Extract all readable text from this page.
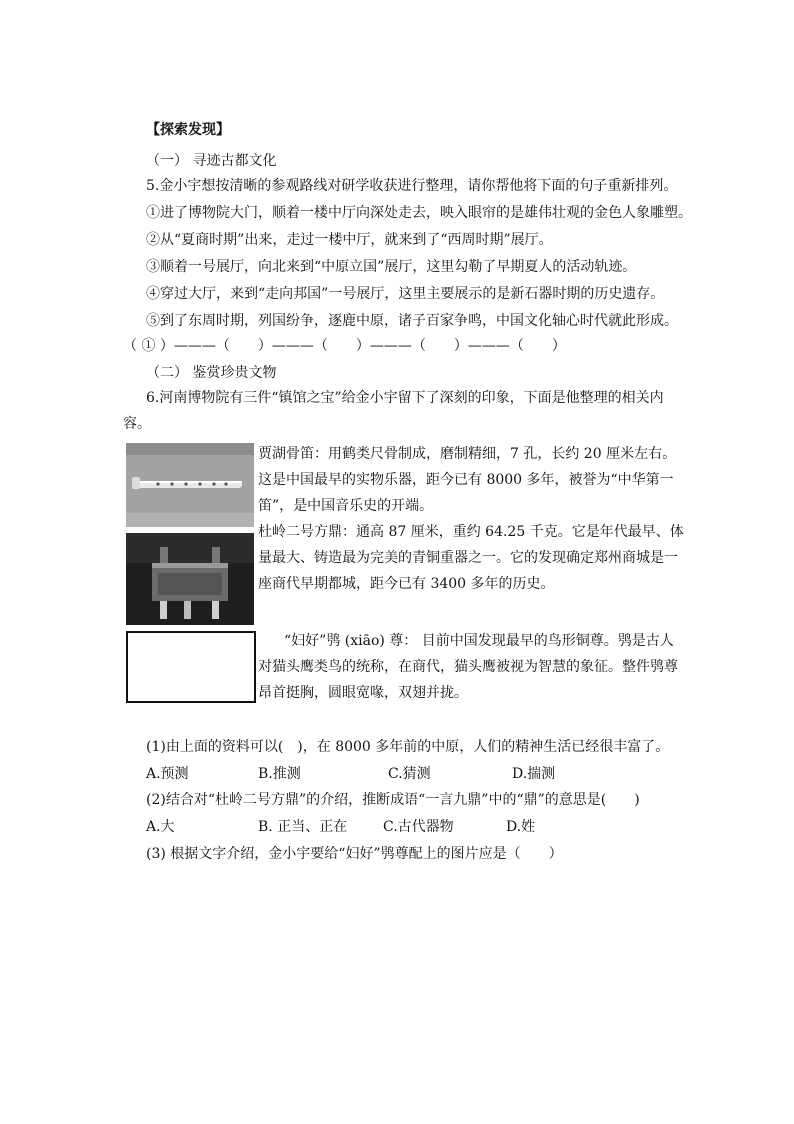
【探索发现】
（一） 寻迹古都文化
5.金小宇想按清晰的参观路线对研学收获进行整理，请你帮他将下面的句子重新排列。
①进了博物院大门，顺着一楼中厅向深处走去，映入眼帘的是雄伟壮观的金色人象雕塑。
②从“夏商时期”出来，走过一楼中厅，就来到了“西周时期”展厅。
③顺着一号展厅，向北来到“中原立国”展厅，这里勾勒了早期夏人的活动轨迹。
④穿过大厅，来到“走向邦国”一号展厅，这里主要展示的是新石器时期的历史遗存。
⑤到了东周时期，列国纷争，逐鹿中原，诸子百家争鸣，中国文化轴心时代就此形成。
（ ① ）———（　　）———（　　）———（　　）———（　　）
（二） 鉴赏珍贵文物
6.河南博物院有三件“镇馆之宝”给金小宇留下了深刻的印象，下面是他整理的相关内
容。
贾湖骨笛：用鹤类尺骨制成，磨制精细，7 孔，长约 20 厘米左右。这是中国最早的实物乐器，距今已有 8000 多年，被誉为“中华第一笛”，是中国音乐史的开端。
杜岭二号方鼎：通高 87 厘米，重约 64.25 千克。它是年代最早、体量最大、铸造最为完美的青铜重器之一。它的发现确定郑州商城是一座商代早期都城，距今已有 3400 多年的历史。
“妇好”鸮 (xiāo) 尊： 目前中国发现最早的鸟形铜尊。鸮是古人对猫头鹰类鸟的统称，在商代，猫头鹰被视为智慧的象征。整件鸮尊昂首挺胸，圆眼宽喙，双翅并拢。
(1)由上面的资料可以(　)，在 8000 多年前的中原，人们的精神生活已经很丰富了。
A.预测	B.推测	C.猜测	D.揣测
(2)结合对“杜岭二号方鼎”的介绍，推断成语“一言九鼎”中的“鼎”的意思是(　　)
A.大	B. 正当、正在	C.古代器物	D.姓
(3) 根据文字介绍，金小宇要给“妇好”鸮尊配上的图片应是（　　）
